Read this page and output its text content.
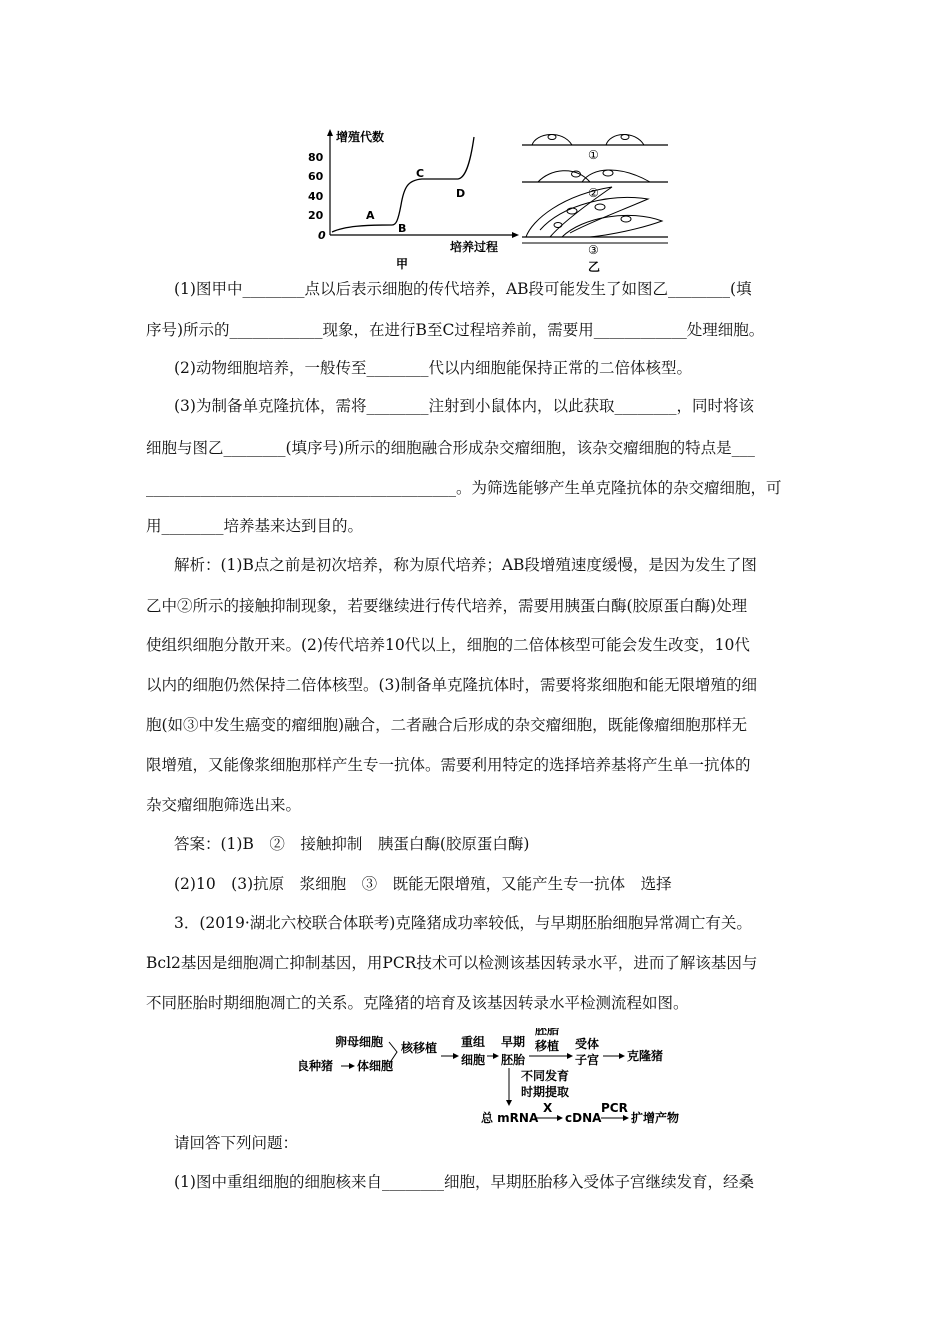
增殖代数
80
60
40
20
0
A
B
C
D
培养过程
甲
①
②
③
乙
(1)图甲中________点以后表示细胞的传代培养，AB段可能发生了如图乙________(填
序号)所示的____________现象，在进行B至C过程培养前，需要用____________处理细胞。
(2)动物细胞培养，一般传至________代以内细胞能保持正常的二倍体核型。
(3)为制备单克隆抗体，需将________注射到小鼠体内，以此获取________，同时将该
细胞与图乙________(填序号)所示的细胞融合形成杂交瘤细胞，该杂交瘤细胞的特点是___
________________________________________。为筛选能够产生单克隆抗体的杂交瘤细胞，可
用________培养基来达到目的。
解析：(1)B点之前是初次培养，称为原代培养；AB段增殖速度缓慢，是因为发生了图
乙中②所示的接触抑制现象，若要继续进行传代培养，需要用胰蛋白酶(胶原蛋白酶)处理
使组织细胞分散开来。(2)传代培养10代以上，细胞的二倍体核型可能会发生改变，10代
以内的细胞仍然保持二倍体核型。(3)制备单克隆抗体时，需要将浆细胞和能无限增殖的细
胞(如③中发生癌变的瘤细胞)融合，二者融合后形成的杂交瘤细胞，既能像瘤细胞那样无
限增殖，又能像浆细胞那样产生专一抗体。需要利用特定的选择培养基将产生单一抗体的
杂交瘤细胞筛选出来。
答案：(1)B　②　接触抑制　胰蛋白酶(胶原蛋白酶)
(2)10　(3)抗原　浆细胞　③　既能无限增殖，又能产生专一抗体　选择
3．(2019·湖北六校联合体联考)克隆猪成功率较低，与早期胚胎细胞异常凋亡有关。
Bcl2基因是细胞凋亡抑制基因，用PCR技术可以检测该基因转录水平，进而了解该基因与
不同胚胎时期细胞凋亡的关系。克隆猪的培育及该基因转录水平检测流程如图。
请回答下列问题：
(1)图中重组细胞的细胞核来自________细胞，早期胚胎移入受体子宫继续发育，经桑
卵母细胞
良种猪 体细胞
核移植 重组
细胞
早期
胚胎
胚胎
移植 受体
子宫 克隆猪
不同发育
时期提取
总 mRNA
X
cDNA
PCR
扩增产物
